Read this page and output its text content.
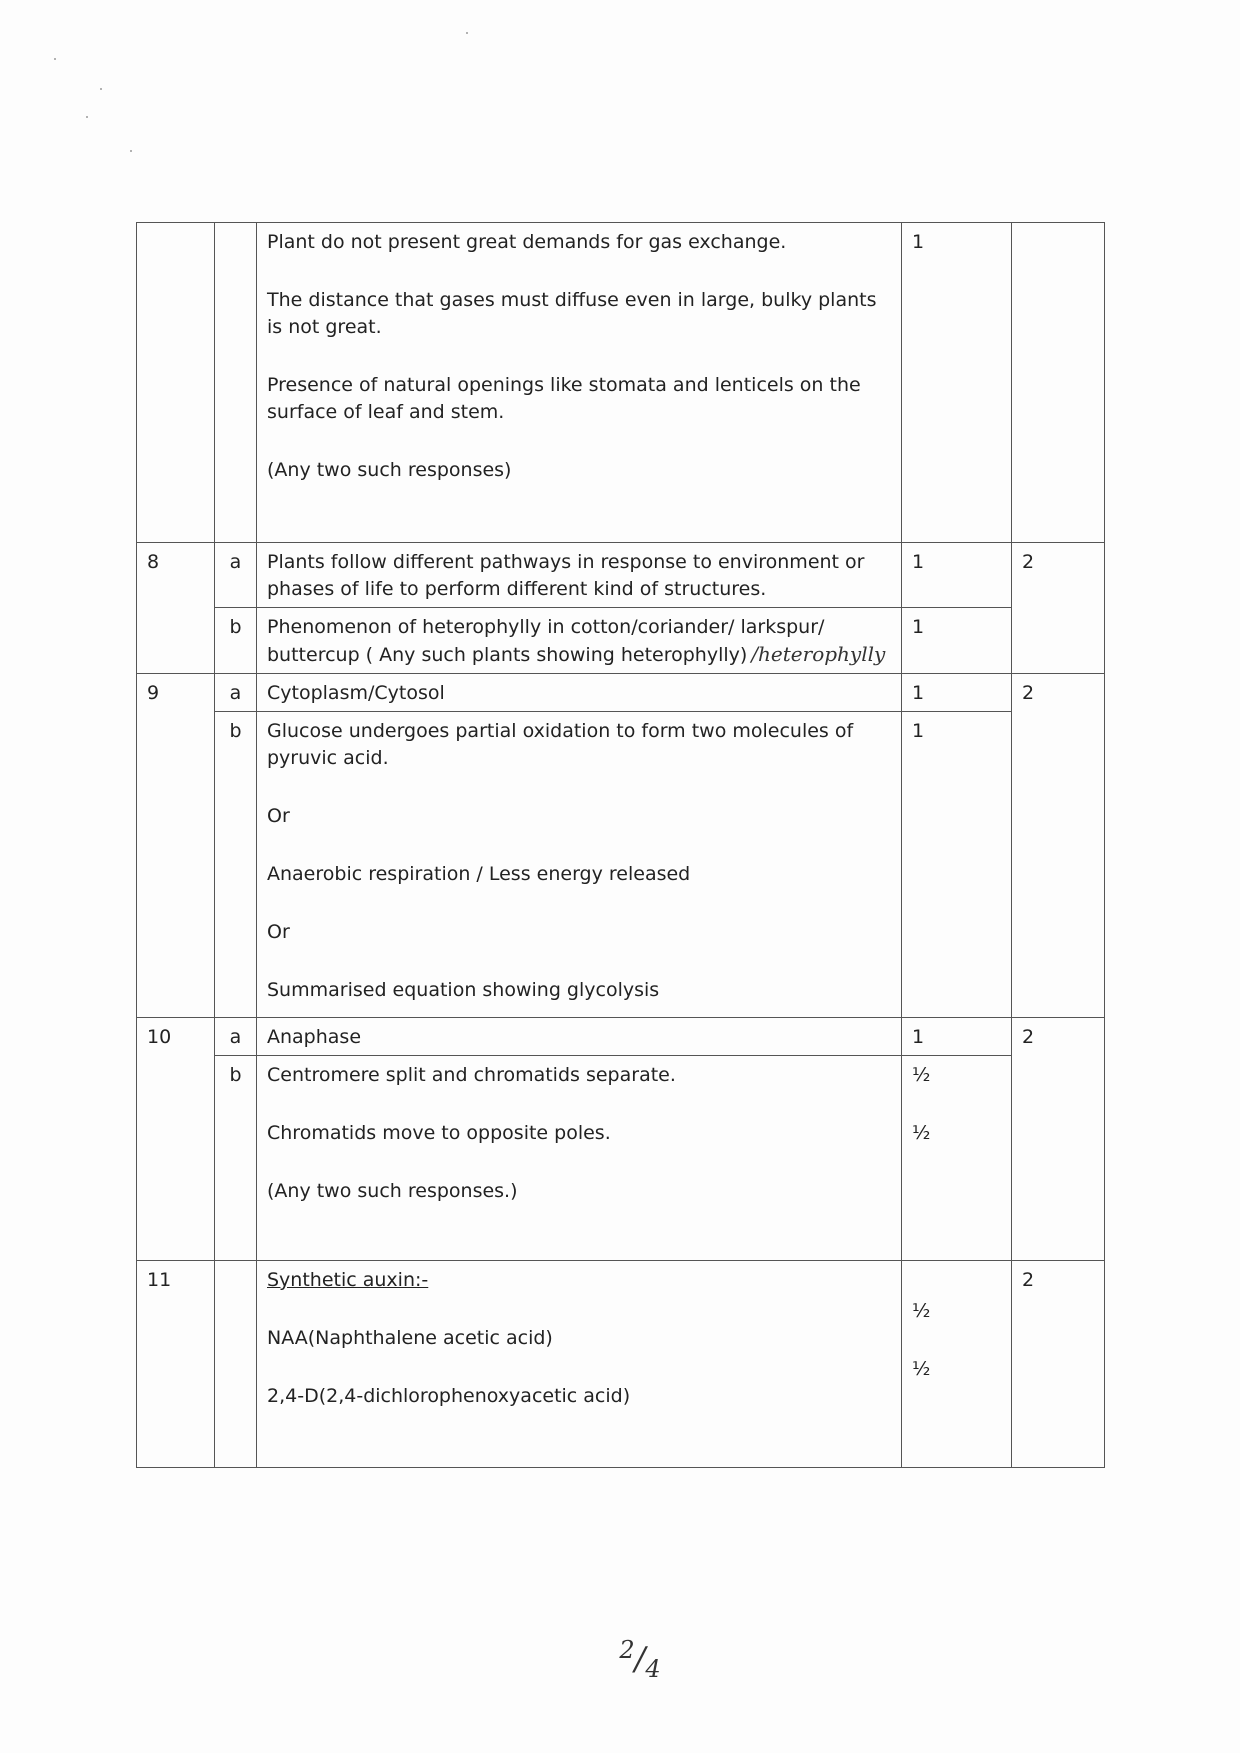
		Plant do not present great demands for gas exchange.
The distance that gases must diffuse even in large, bulky plants is not great.
Presence of natural openings like stomata and lenticels on the surface of leaf and stem.
(Any two such responses)	1	
8	a	Plants follow different pathways in response to environment or phases of life to perform different kind of structures.	1	2
	b	Phenomenon of heterophylly in cotton/coriander/ larkspur/ buttercup ( Any such plants showing heterophylly) /heterophylly	1	
9	a	Cytoplasm/Cytosol	1	2
	b	Glucose undergoes partial oxidation to form two molecules of pyruvic acid.
Or
Anaerobic respiration / Less energy released
Or
Summarised equation showing glycolysis	1	
10	a	Anaphase	1	2
	b	Centromere split and chromatids separate.
Chromatids move to opposite poles.
(Any two such responses.)	½
½	

11		Synthetic auxin:-
NAA(Naphthalene acetic acid)
2,4-D(2,4-dichlorophenoxyacetic acid)	½
½	2
$^2/_4$
